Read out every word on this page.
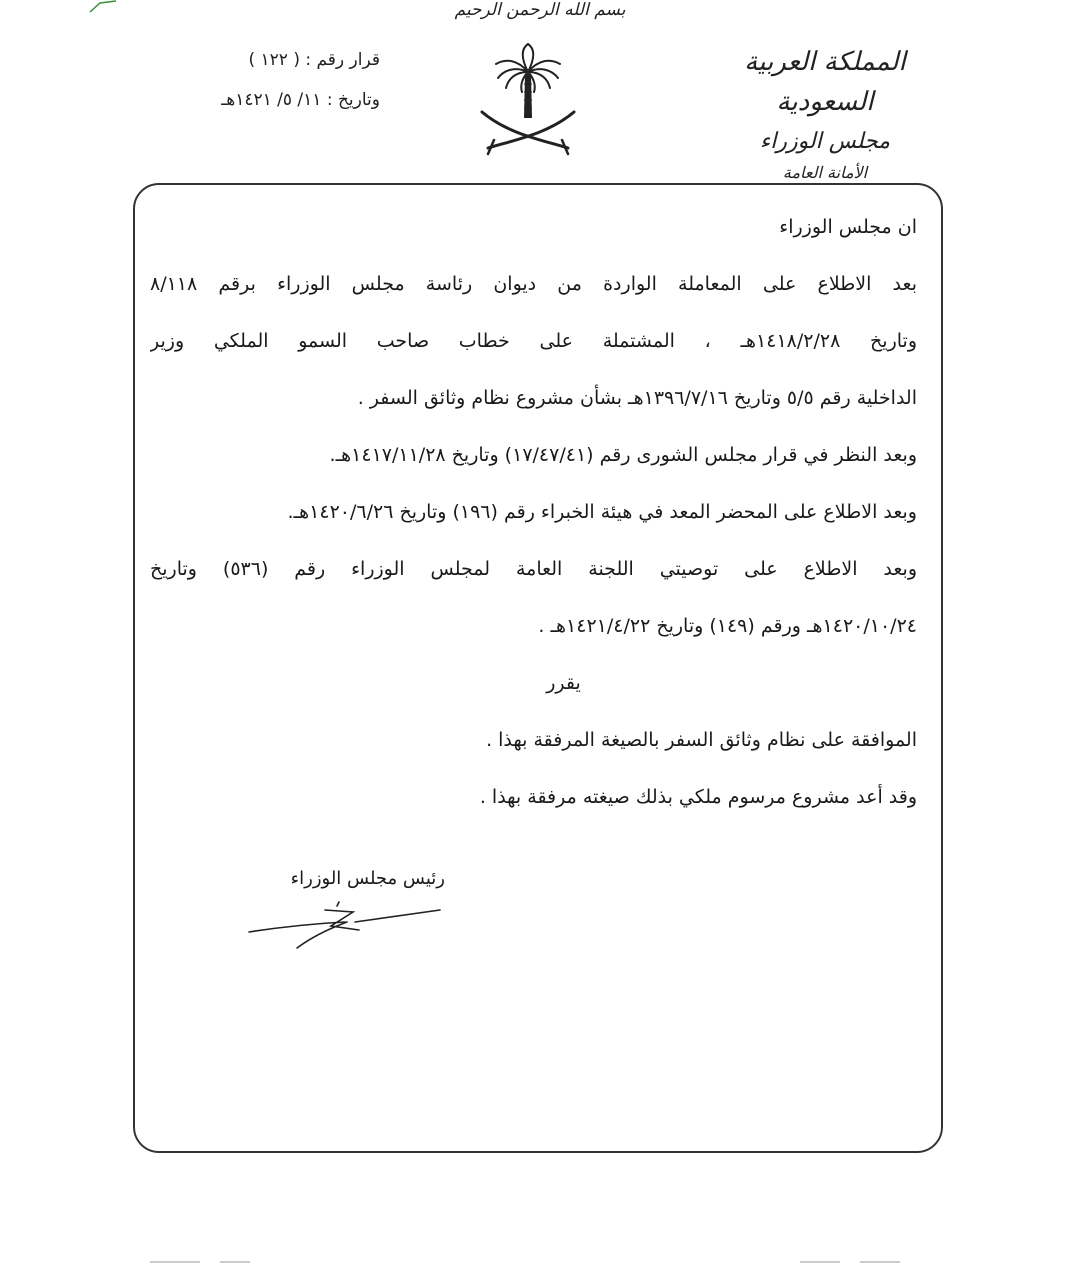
بسم الله الرحمن الرحيم
قرار رقم : ( ١٢٢ )
وتاريخ : ١١/ ٥/ ١٤٢١هـ
المملكة العربية السعودية
مجلس الوزراء
الأمانة العامة
ان مجلس الوزراء
بعد الاطلاع على المعاملة الواردة من ديوان رئاسة مجلس الوزراء برقم ٨/١١٨
وتاريخ ١٤١٨/٢/٢٨هـ ، المشتملة على خطاب صاحب السمو الملكي وزير
الداخلية رقم ٥/٥ وتاريخ ١٣٩٦/٧/١٦هـ بشأن مشروع نظام وثائق السفر .
وبعد النظر في قرار مجلس الشورى رقم (١٧/٤٧/٤١) وتاريخ ١٤١٧/١١/٢٨هـ.
وبعد الاطلاع على المحضر المعد في هيئة الخبراء رقم (١٩٦) وتاريخ ١٤٢٠/٦/٢٦هـ.
وبعد الاطلاع على توصيتي اللجنة العامة لمجلس الوزراء رقم (٥٣٦) وتاريخ
١٤٢٠/١٠/٢٤هـ ورقم (١٤٩) وتاريخ ١٤٢١/٤/٢٢هـ .
يقرر
الموافقة على نظام وثائق السفر بالصيغة المرفقة بهذا .
وقد أعد مشروع مرسوم ملكي بذلك صيغته مرفقة بهذا .
رئيس مجلس الوزراء
